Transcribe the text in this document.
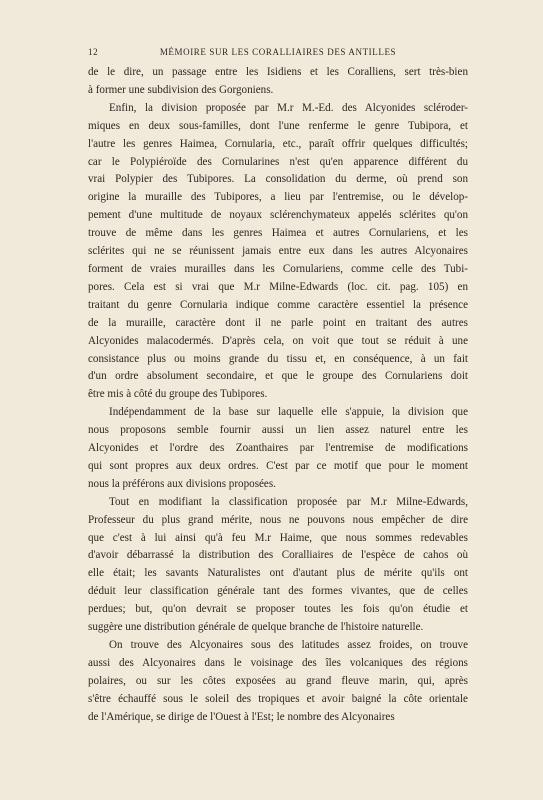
12	MÉMOIRE SUR LES CORALLIAIRES DES ANTILLES
de le dire, un passage entre les Isidiens et les Coralliens, sert très-bien
à former une subdivision des Gorgoniens.
Enfin, la division proposée par M.r M.-Ed. des Alcyonides scléroder-
miques en deux sous-familles, dont l'une renferme le genre Tubipora, et
l'autre les genres Haimea, Cornularia, etc., paraît offrir quelques difficultés;
car le Polypiéroïde des Cornularines n'est qu'en apparence différent du
vrai Polypier des Tubipores. La consolidation du derme, où prend son
origine la muraille des Tubipores, a lieu par l'entremise, ou le dévelop-
pement d'une multitude de noyaux sclérenchymateux appelés sclérites qu'on
trouve de même dans les genres Haimea et autres Cornulariens, et les
sclérites qui ne se réunissent jamais entre eux dans les autres Alcyonaires
forment de vraies murailles dans les Cornulariens, comme celle des Tubi-
pores. Cela est si vrai que M.r Milne-Edwards (loc. cit. pag. 105) en
traitant du genre Cornularia indique comme caractère essentiel la présence
de la muraille, caractère dont il ne parle point en traitant des autres
Alcyonides malacodermés. D'après cela, on voit que tout se réduit à une
consistance plus ou moins grande du tissu et, en conséquence, à un fait
d'un ordre absolument secondaire, et que le groupe des Cornulariens doit
être mis à côté du groupe des Tubipores.
Indépendamment de la base sur laquelle elle s'appuie, la division que
nous proposons semble fournir aussi un lien assez naturel entre les
Alcyonides et l'ordre des Zoanthaires par l'entremise de modifications
qui sont propres aux deux ordres. C'est par ce motif que pour le moment
nous la préférons aux divisions proposées.
Tout en modifiant la classification proposée par M.r Milne-Edwards,
Professeur du plus grand mérite, nous ne pouvons nous empêcher de dire
que c'est à lui ainsi qu'à feu M.r Haime, que nous sommes redevables
d'avoir débarrassé la distribution des Coralliaires de l'espèce de cahos où
elle était; les savants Naturalistes ont d'autant plus de mérite qu'ils ont
déduit leur classification générale tant des formes vivantes, que de celles
perdues; but, qu'on devrait se proposer toutes les fois qu'on étudie et
suggère une distribution générale de quelque branche de l'histoire naturelle.
On trouve des Alcyonaires sous des latitudes assez froides, on trouve
aussi des Alcyonaires dans le voisinage des îles volcaniques des régions
polaires, ou sur les côtes exposées au grand fleuve marin, qui, après
s'être échauffé sous le soleil des tropiques et avoir baigné la côte orientale
de l'Amérique, se dirige de l'Ouest à l'Est; le nombre des Alcyonaires
